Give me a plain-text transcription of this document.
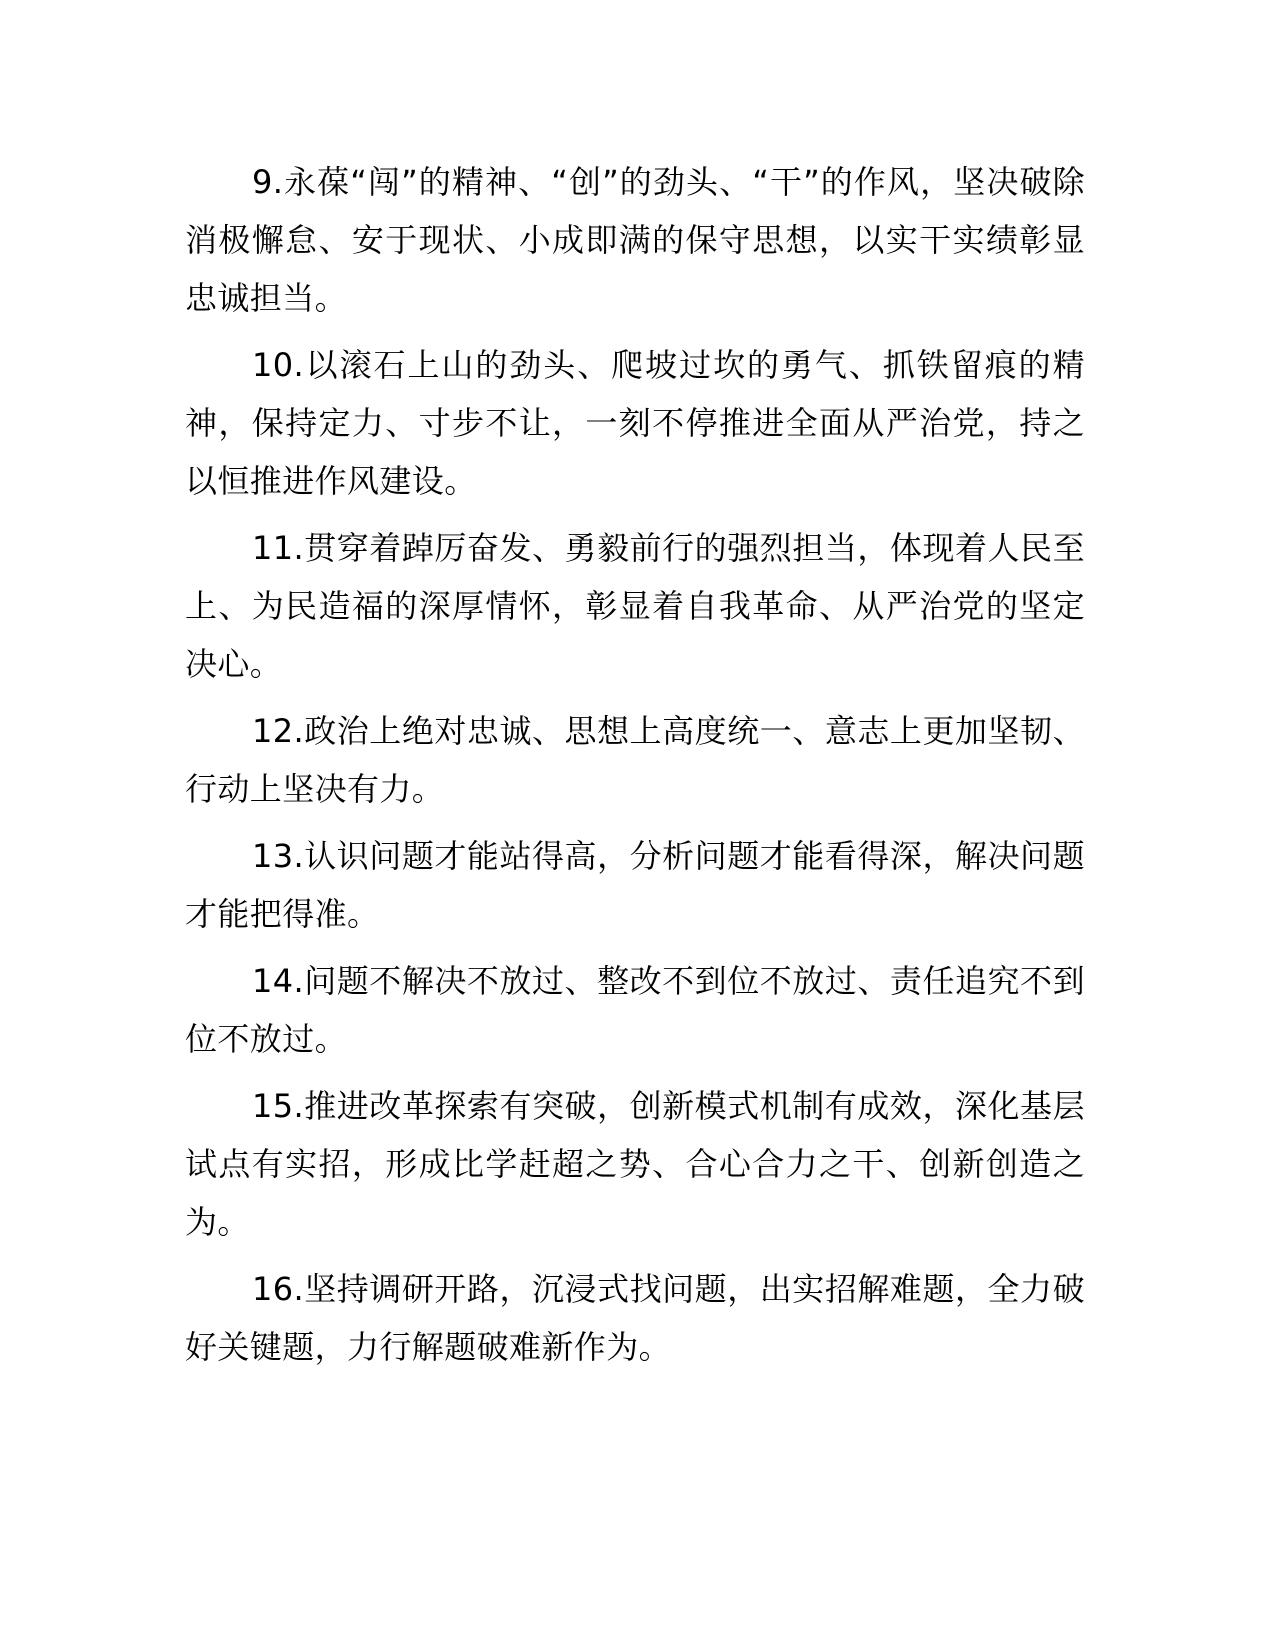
9.永葆“闯”的精神、“创”的劲头、“干”的作风，坚决破除消极懈怠、安于现状、小成即满的保守思想，以实干实绩彰显忠诚担当。

10.以滚石上山的劲头、爬坡过坎的勇气、抓铁留痕的精神，保持定力、寸步不让，一刻不停推进全面从严治党，持之以恒推进作风建设。

11.贯穿着踔厉奋发、勇毅前行的强烈担当，体现着人民至上、为民造福的深厚情怀，彰显着自我革命、从严治党的坚定决心。

12.政治上绝对忠诚、思想上高度统一、意志上更加坚韧、行动上坚决有力。

13.认识问题才能站得高，分析问题才能看得深，解决问题才能把得准。

14.问题不解决不放过、整改不到位不放过、责任追究不到位不放过。

15.推进改革探索有突破，创新模式机制有成效，深化基层试点有实招，形成比学赶超之势、合心合力之干、创新创造之为。

16.坚持调研开路，沉浸式找问题，出实招解难题，全力破好关键题，力行解题破难新作为。
